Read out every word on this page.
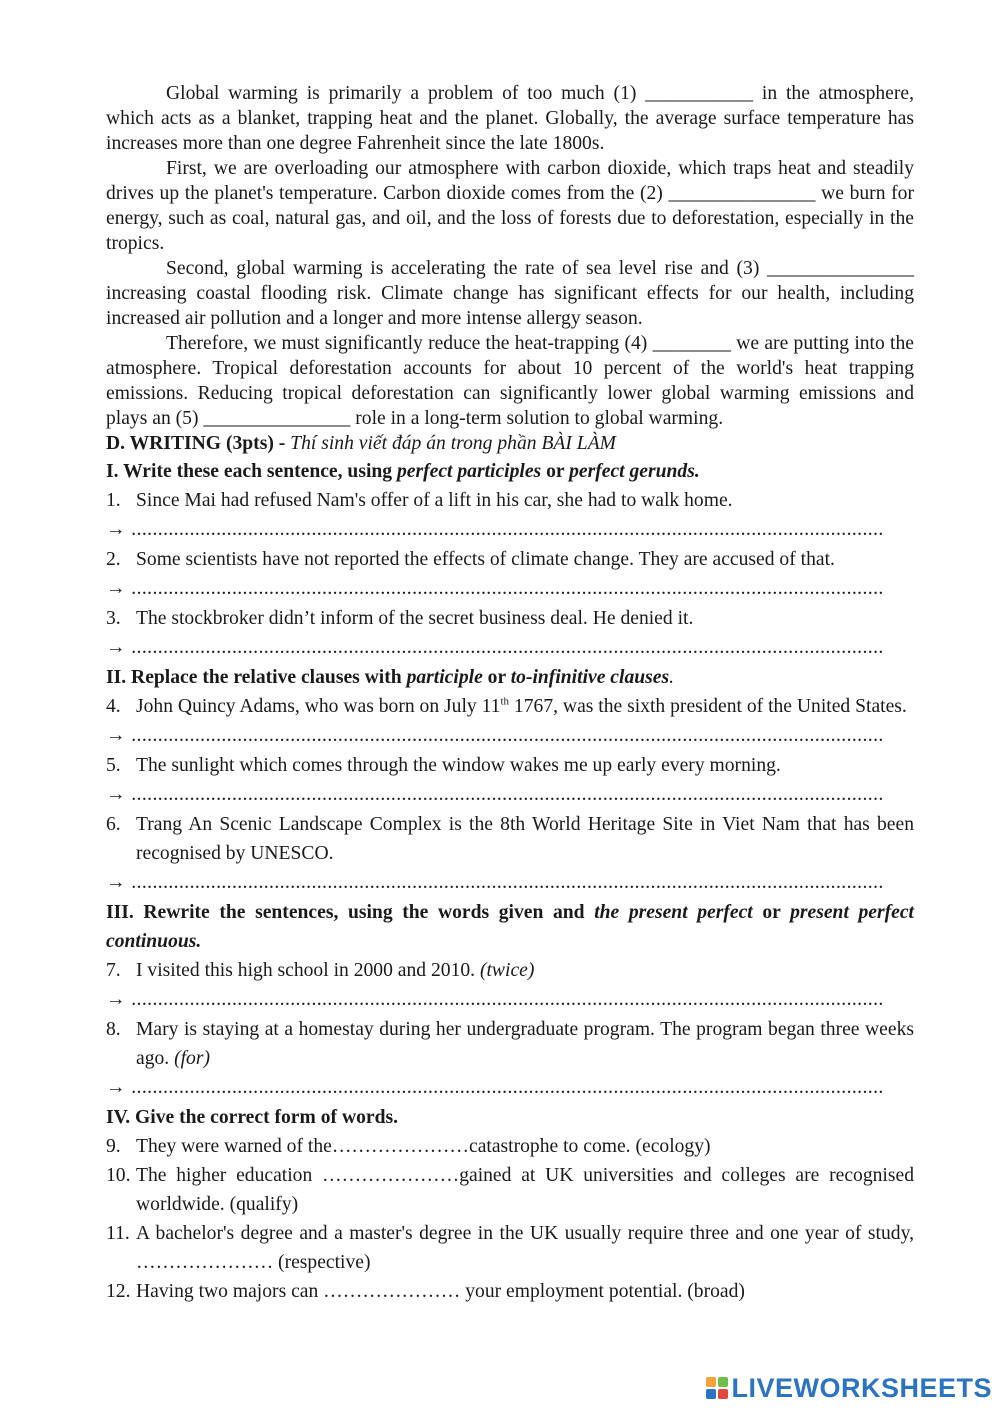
Global warming is primarily a problem of too much (1) ___________ in the atmosphere, which acts as a blanket, trapping heat and the planet. Globally, the average surface temperature has increases more than one degree Fahrenheit since the late 1800s.

First, we are overloading our atmosphere with carbon dioxide, which traps heat and steadily drives up the planet's temperature. Carbon dioxide comes from the (2) _______________ we burn for energy, such as coal, natural gas, and oil, and the loss of forests due to deforestation, especially in the tropics.

Second, global warming is accelerating the rate of sea level rise and (3) _______________ increasing coastal flooding risk. Climate change has significant effects for our health, including increased air pollution and a longer and more intense allergy season.

Therefore, we must significantly reduce the heat-trapping (4) ________ we are putting into the atmosphere. Tropical deforestation accounts for about 10 percent of the world's heat trapping emissions. Reducing tropical deforestation can significantly lower global warming emissions and plays an (5) _______________ role in a long-term solution to global warming.

D. WRITING (3pts) - Thí sinh viết đáp án trong phần BÀI LÀM
I. Write these each sentence, using perfect participles or perfect gerunds.
1. Since Mai had refused Nam's offer of a lift in his car, she had to walk home.
→ ..............................................................................................................................................
2. Some scientists have not reported the effects of climate change. They are accused of that.
→ ..............................................................................................................................................
3. The stockbroker didn’t inform of the secret business deal. He denied it.
→ ..............................................................................................................................................
II. Replace the relative clauses with participle or to-infinitive clauses.
4. John Quincy Adams, who was born on July 11th 1767, was the sixth president of the United States.
→ ..............................................................................................................................................
5. The sunlight which comes through the window wakes me up early every morning.
→ ..............................................................................................................................................
6. Trang An Scenic Landscape Complex is the 8th World Heritage Site in Viet Nam that has been recognised by UNESCO.
→ ..............................................................................................................................................
III. Rewrite the sentences, using the words given and the present perfect or present perfect continuous.
7. I visited this high school in 2000 and 2010. (twice)
→ ..............................................................................................................................................
8. Mary is staying at a homestay during her undergraduate program. The program began three weeks ago. (for)
→ ..............................................................................................................................................
IV. Give the correct form of words.
9. They were warned of the…………………catastrophe to come. (ecology)
10. The higher education …………………gained at UK universities and colleges are recognised worldwide. (qualify)
11. A bachelor's degree and a master's degree in the UK usually require three and one year of study, ………………… (respective)
12. Having two majors can ………………… your employment potential. (broad)
LIVEWORKSHEETS
